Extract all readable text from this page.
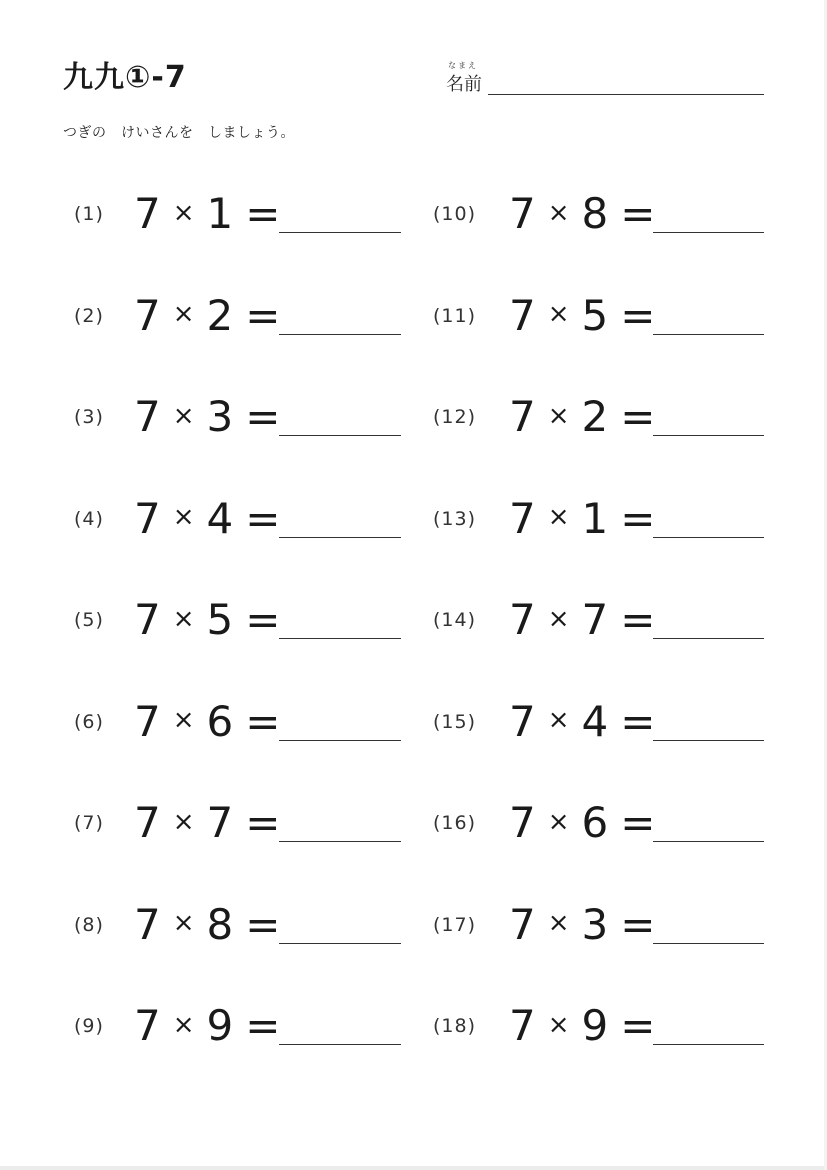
九九①-7	なまえ
名前
つぎの　けいさんを　しましょう。
(1) 7 × 1 =
(2) 7 × 2 =
(3) 7 × 3 =
(4) 7 × 4 =
(5) 7 × 5 =
(6) 7 × 6 =
(7) 7 × 7 =
(8) 7 × 8 =
(9) 7 × 9 =
(10) 7 × 8 =
(11) 7 × 5 =
(12) 7 × 2 =
(13) 7 × 1 =
(14) 7 × 7 =
(15) 7 × 4 =
(16) 7 × 6 =
(17) 7 × 3 =
(18) 7 × 9 =
